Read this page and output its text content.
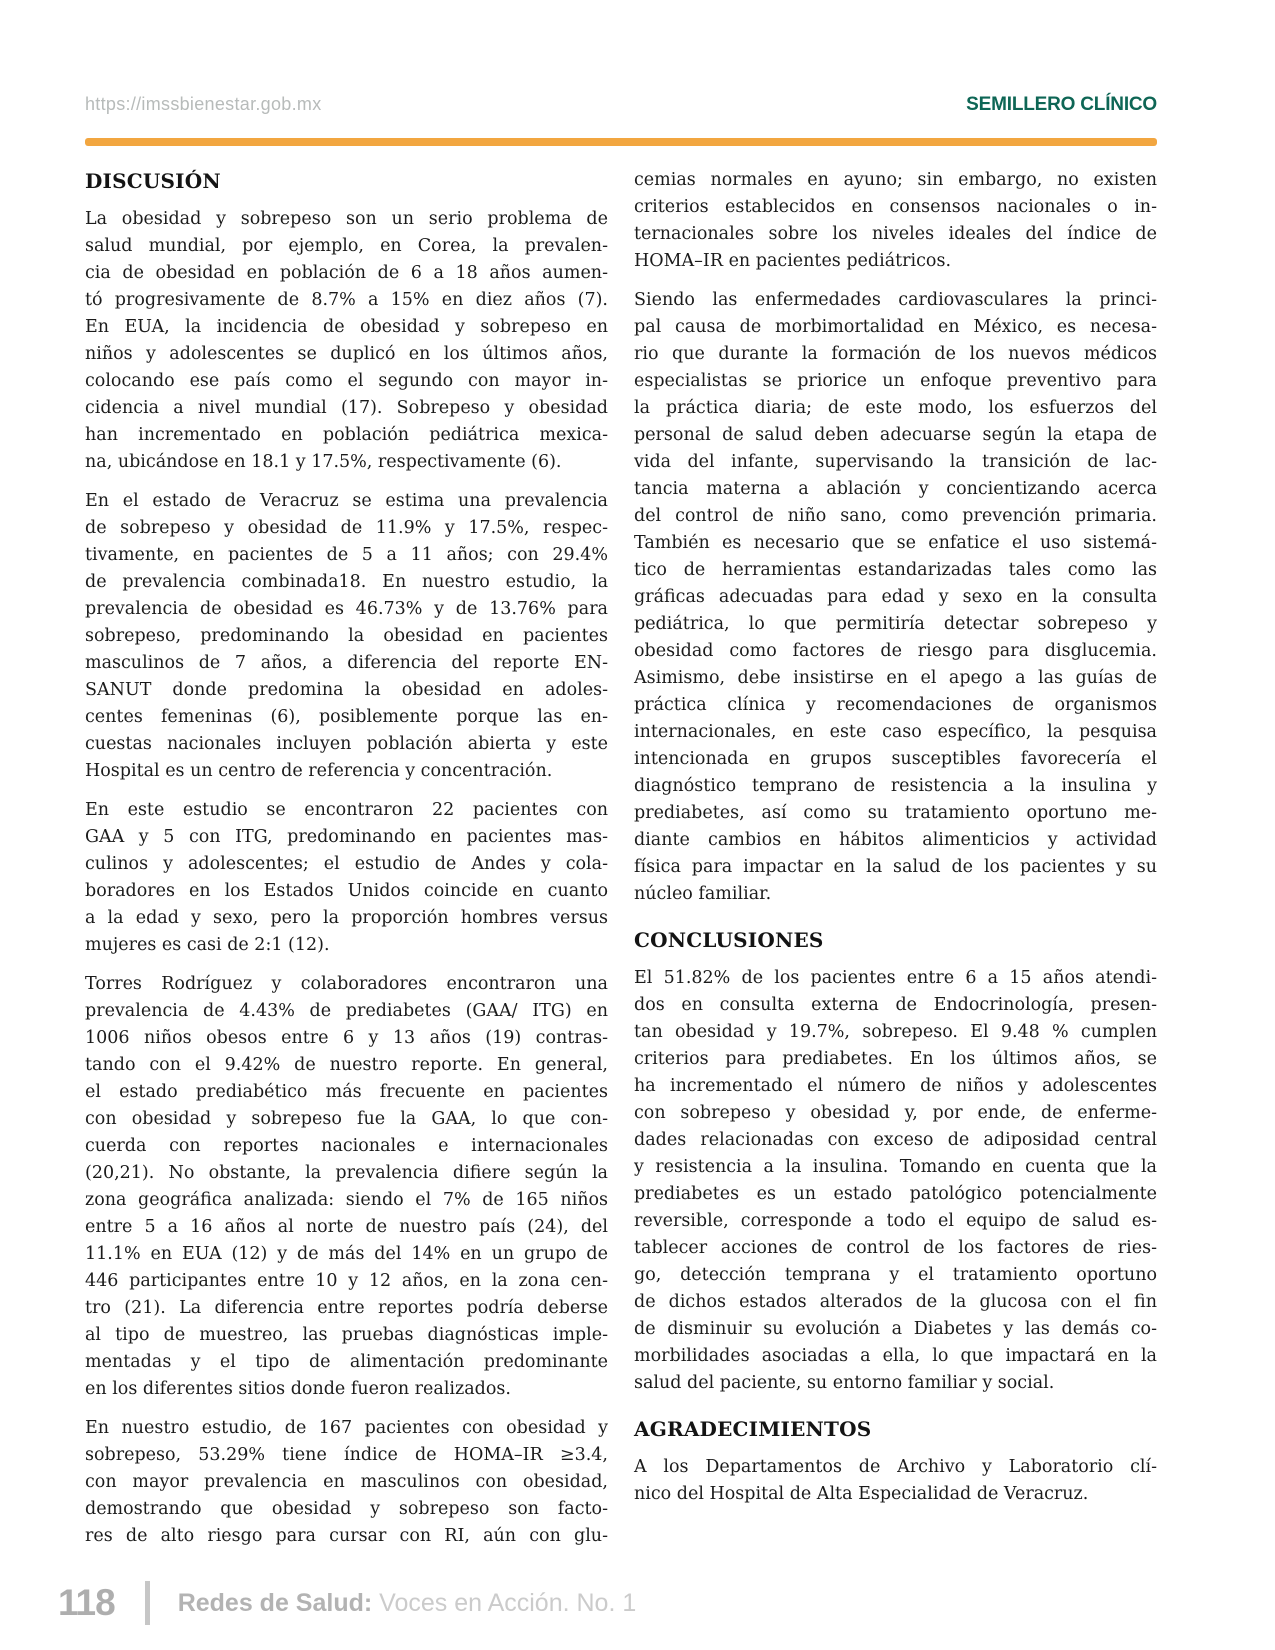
https://imssbienestar.gob.mx	SEMILLERO CLÍNICO
DISCUSIÓN
La obesidad y sobrepeso son un serio problema de
salud mundial, por ejemplo, en Corea, la prevalen-
cia de obesidad en población de 6 a 18 años aumen-
tó progresivamente de 8.7% a 15% en diez años (7).
En EUA, la incidencia de obesidad y sobrepeso en
niños y adolescentes se duplicó en los últimos años,
colocando ese país como el segundo con mayor in-
cidencia a nivel mundial (17). Sobrepeso y obesidad
han incrementado en población pediátrica mexica-
na, ubicándose en 18.1 y 17.5%, respectivamente (6).
En el estado de Veracruz se estima una prevalencia
de sobrepeso y obesidad de 11.9% y 17.5%, respec-
tivamente, en pacientes de 5 a 11 años; con 29.4%
de prevalencia combinada18. En nuestro estudio, la
prevalencia de obesidad es 46.73% y de 13.76% para
sobrepeso, predominando la obesidad en pacientes
masculinos de 7 años, a diferencia del reporte EN-
SANUT donde predomina la obesidad en adoles-
centes femeninas (6), posiblemente porque las en-
cuestas nacionales incluyen población abierta y este
Hospital es un centro de referencia y concentración.
En este estudio se encontraron 22 pacientes con
GAA y 5 con ITG, predominando en pacientes mas-
culinos y adolescentes; el estudio de Andes y cola-
boradores en los Estados Unidos coincide en cuanto
a la edad y sexo, pero la proporción hombres versus
mujeres es casi de 2:1 (12).
Torres Rodríguez y colaboradores encontraron una
prevalencia de 4.43% de prediabetes (GAA/ ITG) en
1006 niños obesos entre 6 y 13 años (19) contras-
tando con el 9.42% de nuestro reporte. En general,
el estado prediabético más frecuente en pacientes
con obesidad y sobrepeso fue la GAA, lo que con-
cuerda con reportes nacionales e internacionales
(20,21). No obstante, la prevalencia difiere según la
zona geográfica analizada: siendo el 7% de 165 niños
entre 5 a 16 años al norte de nuestro país (24), del
11.1% en EUA (12) y de más del 14% en un grupo de
446 participantes entre 10 y 12 años, en la zona cen-
tro (21). La diferencia entre reportes podría deberse
al tipo de muestreo, las pruebas diagnósticas imple-
mentadas y el tipo de alimentación predominante
en los diferentes sitios donde fueron realizados.
En nuestro estudio, de 167 pacientes con obesidad y
sobrepeso, 53.29% tiene índice de HOMA–IR ≥3.4,
con mayor prevalencia en masculinos con obesidad,
demostrando que obesidad y sobrepeso son facto-
res de alto riesgo para cursar con RI, aún con glu-
cemias normales en ayuno; sin embargo, no existen
criterios establecidos en consensos nacionales o in-
ternacionales sobre los niveles ideales del índice de
HOMA–IR en pacientes pediátricos.
Siendo las enfermedades cardiovasculares la princi-
pal causa de morbimortalidad en México, es necesa-
rio que durante la formación de los nuevos médicos
especialistas se priorice un enfoque preventivo para
la práctica diaria; de este modo, los esfuerzos del
personal de salud deben adecuarse según la etapa de
vida del infante, supervisando la transición de lac-
tancia materna a ablación y concientizando acerca
del control de niño sano, como prevención primaria.
También es necesario que se enfatice el uso sistemá-
tico de herramientas estandarizadas tales como las
gráficas adecuadas para edad y sexo en la consulta
pediátrica, lo que permitiría detectar sobrepeso y
obesidad como factores de riesgo para disglucemia.
Asimismo, debe insistirse en el apego a las guías de
práctica clínica y recomendaciones de organismos
internacionales, en este caso específico, la pesquisa
intencionada en grupos susceptibles favorecería el
diagnóstico temprano de resistencia a la insulina y
prediabetes, así como su tratamiento oportuno me-
diante cambios en hábitos alimenticios y actividad
física para impactar en la salud de los pacientes y su
núcleo familiar.
CONCLUSIONES
El 51.82% de los pacientes entre 6 a 15 años atendi-
dos en consulta externa de Endocrinología, presen-
tan obesidad y 19.7%, sobrepeso. El 9.48 % cumplen
criterios para prediabetes. En los últimos años, se
ha incrementado el número de niños y adolescentes
con sobrepeso y obesidad y, por ende, de enferme-
dades relacionadas con exceso de adiposidad central
y resistencia a la insulina. Tomando en cuenta que la
prediabetes es un estado patológico potencialmente
reversible, corresponde a todo el equipo de salud es-
tablecer acciones de control de los factores de ries-
go, detección temprana y el tratamiento oportuno
de dichos estados alterados de la glucosa con el fin
de disminuir su evolución a Diabetes y las demás co-
morbilidades asociadas a ella, lo que impactará en la
salud del paciente, su entorno familiar y social.
AGRADECIMIENTOS
A los Departamentos de Archivo y Laboratorio clí-
nico del Hospital de Alta Especialidad de Veracruz.
118	Redes de Salud: Voces en Acción. No. 1
